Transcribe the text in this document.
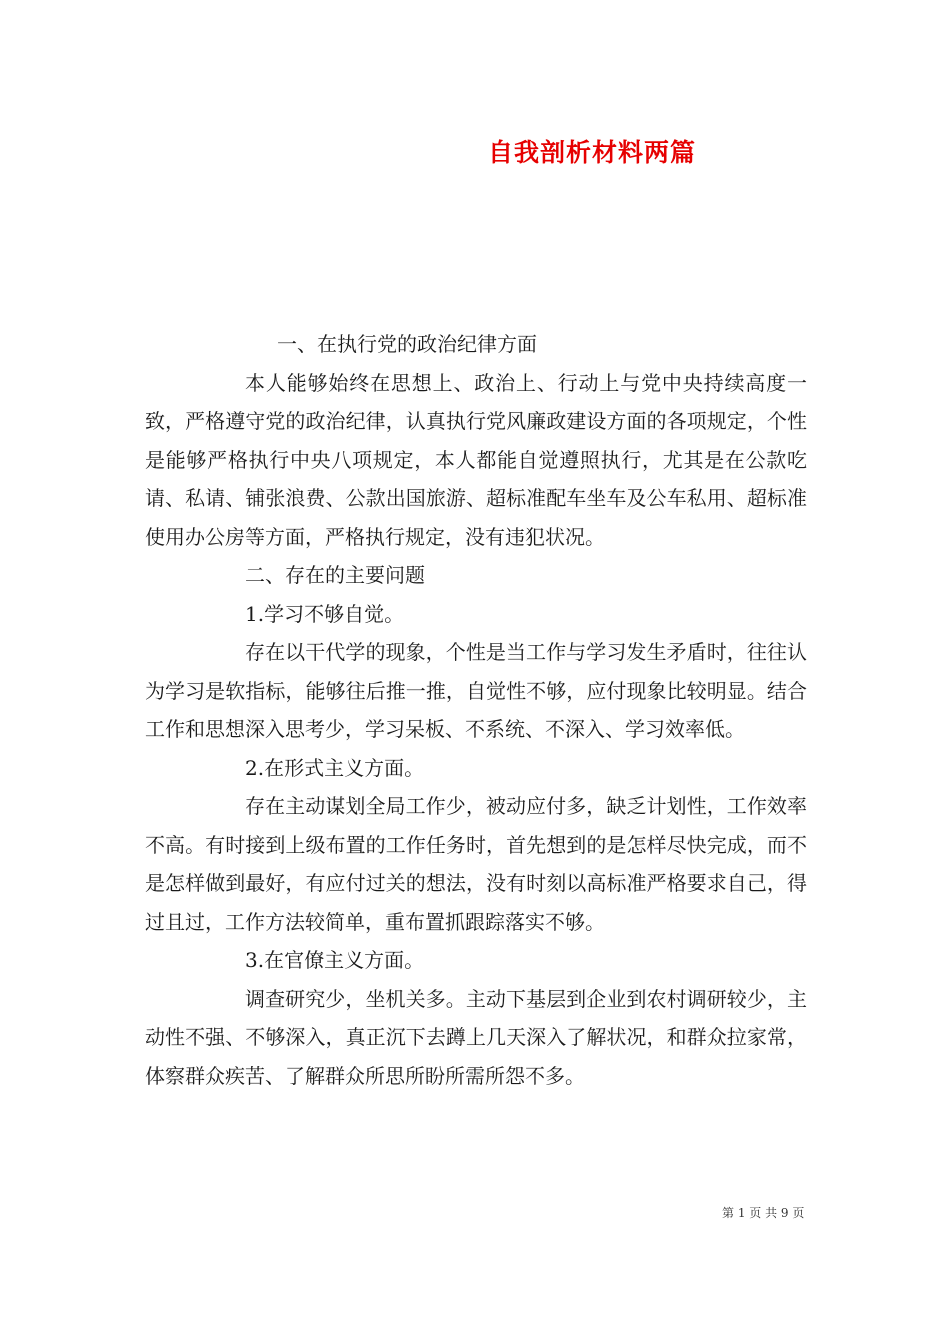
自我剖析材料两篇

一、在执行党的政治纪律方面

本人能够始终在思想上、政治上、行动上与党中央持续高度一致，严格遵守党的政治纪律，认真执行党风廉政建设方面的各项规定，个性是能够严格执行中央八项规定，本人都能自觉遵照执行，尤其是在公款吃请、私请、铺张浪费、公款出国旅游、超标准配车坐车及公车私用、超标准使用办公房等方面，严格执行规定，没有违犯状况。

二、存在的主要问题

1.学习不够自觉。

存在以干代学的现象，个性是当工作与学习发生矛盾时，往往认为学习是软指标，能够往后推一推，自觉性不够，应付现象比较明显。结合工作和思想深入思考少，学习呆板、不系统、不深入、学习效率低。

2.在形式主义方面。

存在主动谋划全局工作少，被动应付多，缺乏计划性，工作效率不高。有时接到上级布置的工作任务时，首先想到的是怎样尽快完成，而不是怎样做到最好，有应付过关的想法，没有时刻以高标准严格要求自己，得过且过，工作方法较简单，重布置抓跟踪落实不够。

3.在官僚主义方面。

调查研究少，坐机关多。主动下基层到企业到农村调研较少，主动性不强、不够深入，真正沉下去蹲上几天深入了解状况，和群众拉家常，体察群众疾苦、了解群众所思所盼所需所怨不多。

第 1 页 共 9 页
